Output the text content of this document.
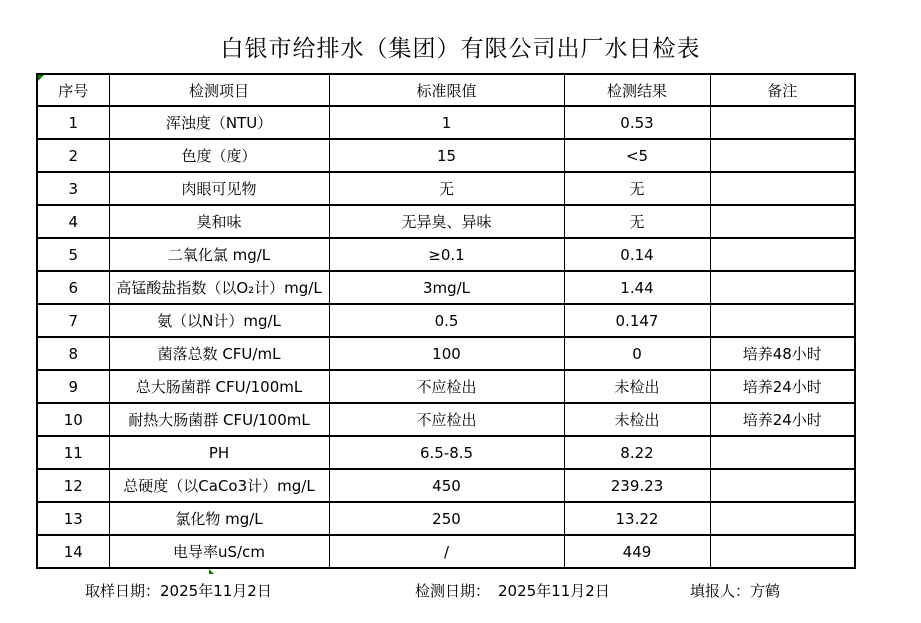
白银市给排水（集团）有限公司出厂水日检表
序号	检测项目	标准限值	检测结果	备注
1	浑浊度（NTU）	1	0.53	
2	色度（度）	15	<5	
3	肉眼可见物	无	无	
4	臭和味	无异臭、异味	无	
5	二氧化氯 mg/L	≥0.1	0.14	
6	高锰酸盐指数（以O₂计）mg/L	3mg/L	1.44	
7	氨（以N计）mg/L	0.5	0.147	
8	菌落总数 CFU/mL	100	0	培养48小时
9	总大肠菌群 CFU/100mL	不应检出	未检出	培养24小时
10	耐热大肠菌群 CFU/100mL	不应检出	未检出	培养24小时
11	PH	6.5-8.5	8.22	
12	总硬度（以CaCo3计）mg/L	450	239.23	
13	氯化物 mg/L	250	13.22	
14	电导率uS/cm	/	449	
取样日期：2025年11月2日	检测日期： 2025年11月2日	填报人：方鹤
